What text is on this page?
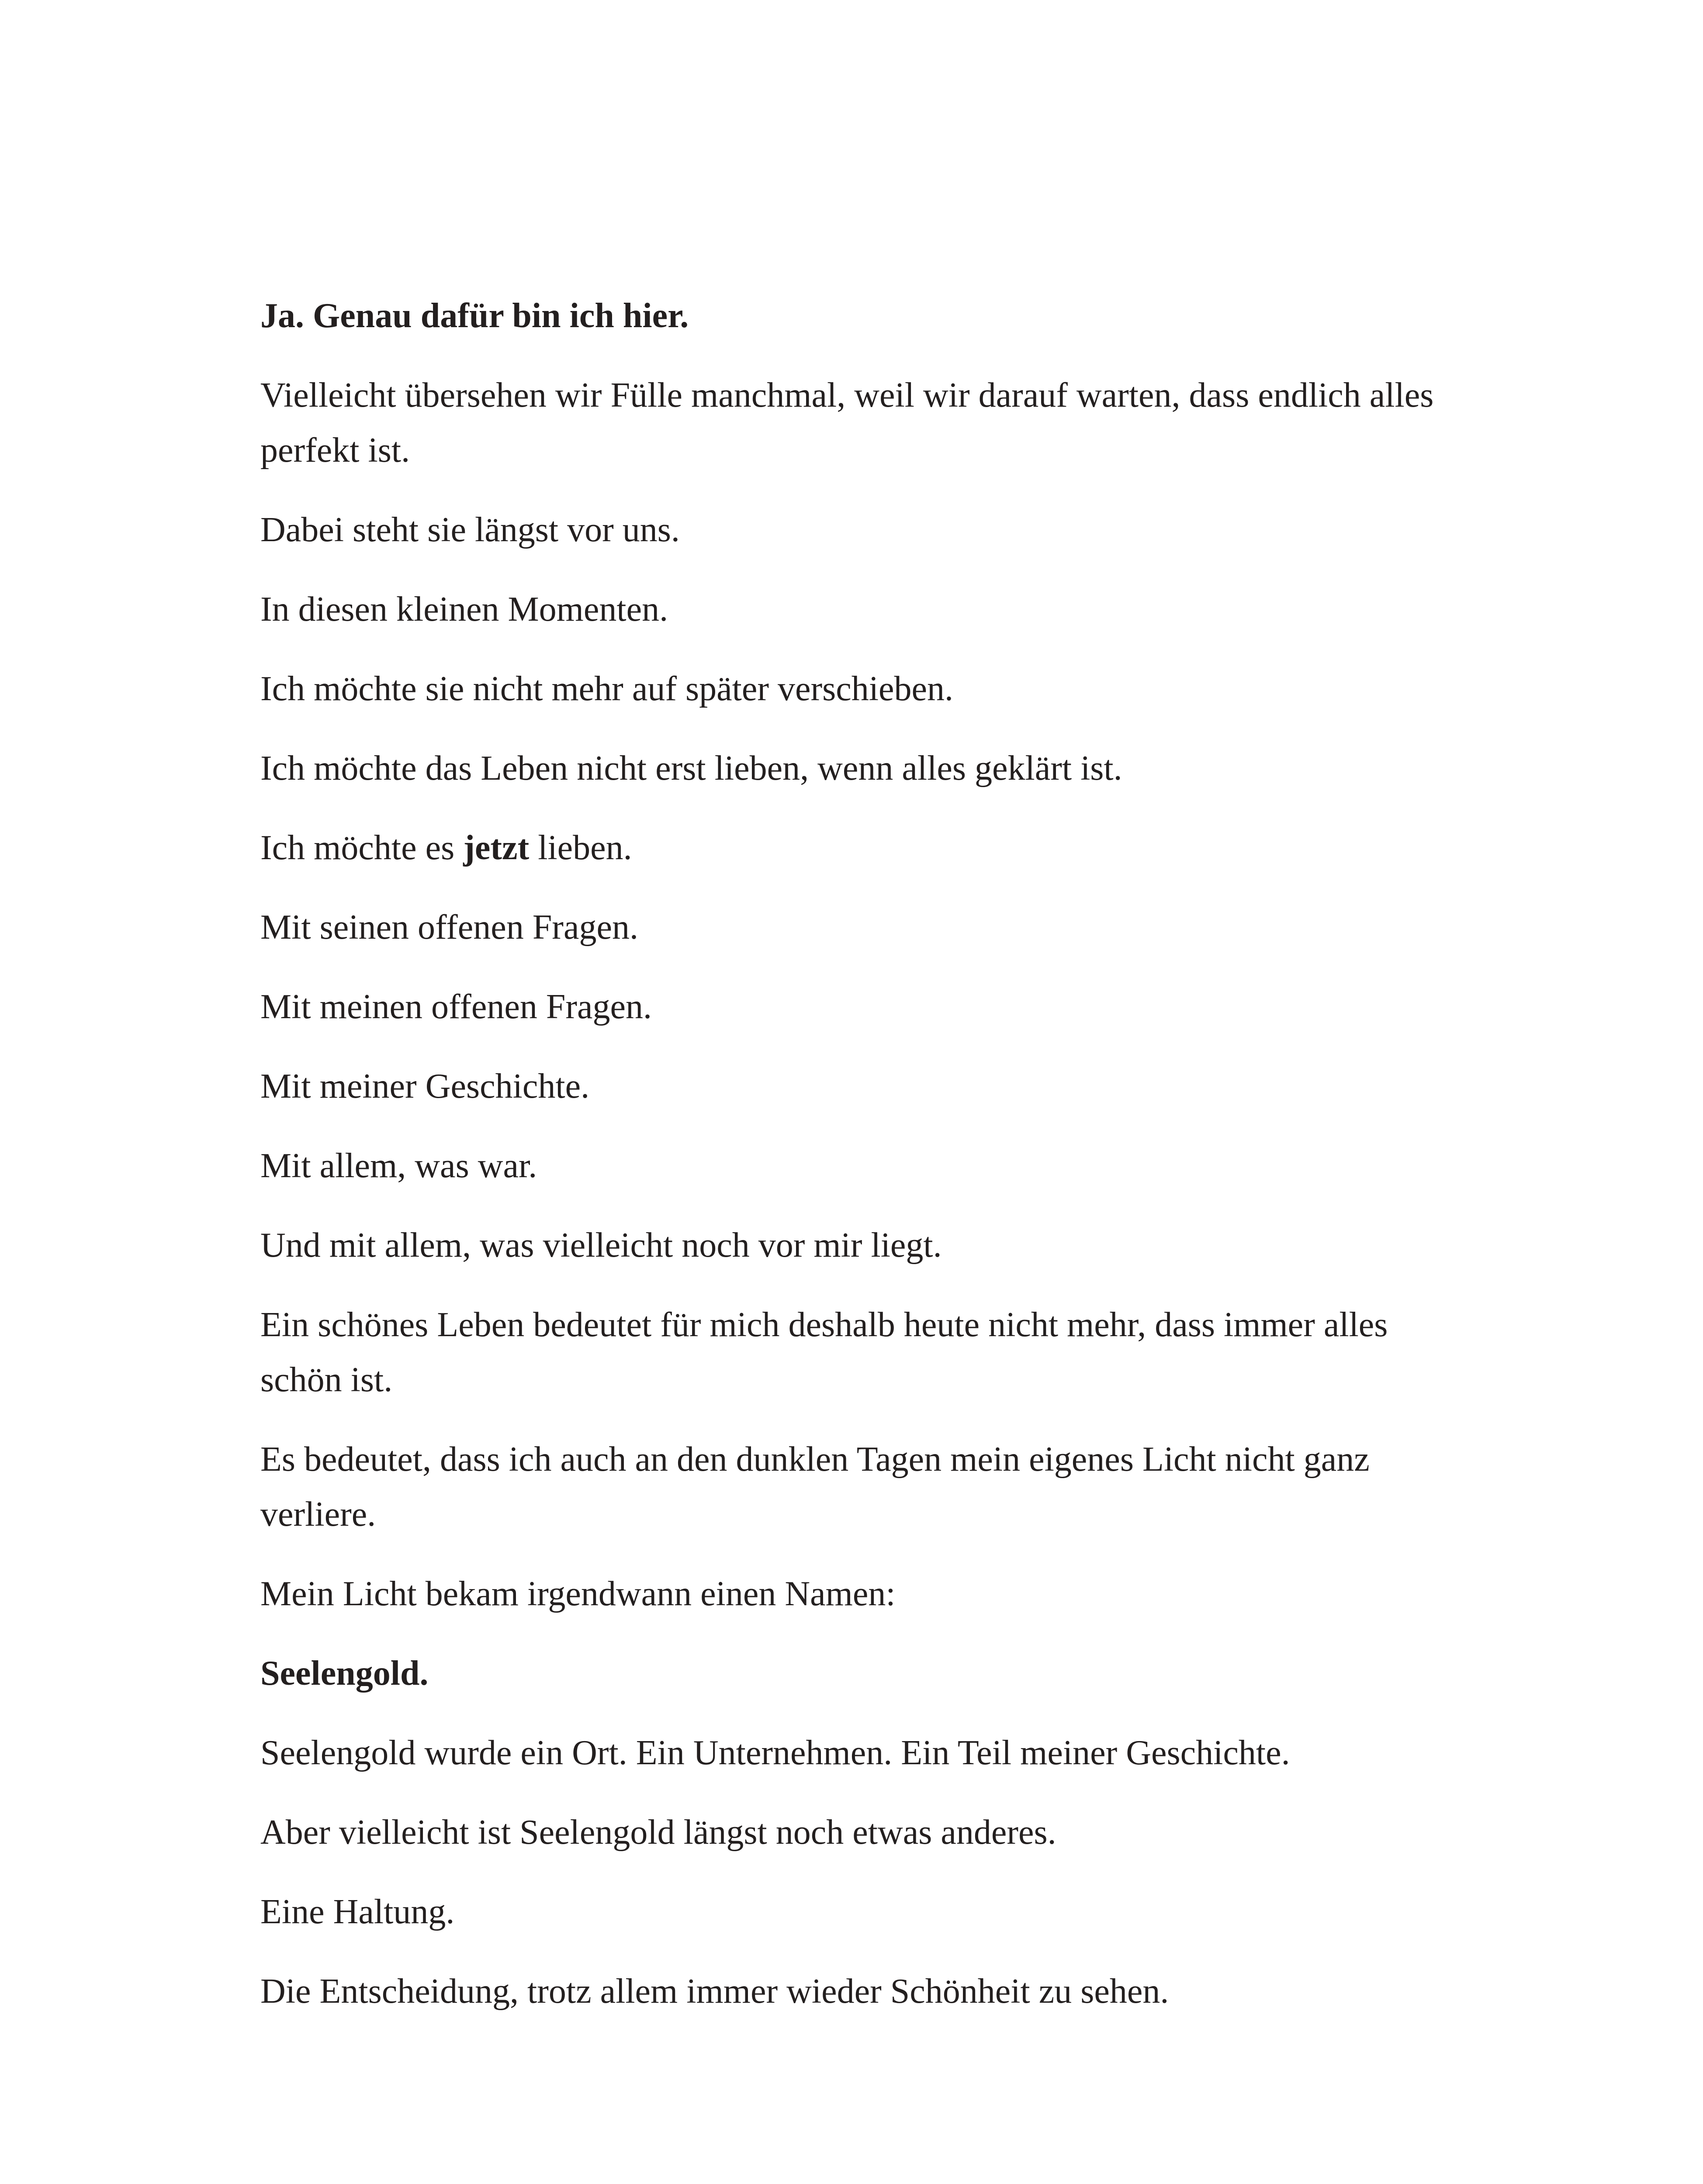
Ja. Genau dafür bin ich hier.

Vielleicht übersehen wir Fülle manchmal, weil wir darauf warten, dass endlich alles perfekt ist.

Dabei steht sie längst vor uns.

In diesen kleinen Momenten.

Ich möchte sie nicht mehr auf später verschieben.

Ich möchte das Leben nicht erst lieben, wenn alles geklärt ist.

Ich möchte es jetzt lieben.

Mit seinen offenen Fragen.

Mit meinen offenen Fragen.

Mit meiner Geschichte.

Mit allem, was war.

Und mit allem, was vielleicht noch vor mir liegt.

Ein schönes Leben bedeutet für mich deshalb heute nicht mehr, dass immer alles schön ist.

Es bedeutet, dass ich auch an den dunklen Tagen mein eigenes Licht nicht ganz verliere.

Mein Licht bekam irgendwann einen Namen:

Seelengold.

Seelengold wurde ein Ort. Ein Unternehmen. Ein Teil meiner Geschichte.

Aber vielleicht ist Seelengold längst noch etwas anderes.

Eine Haltung.

Die Entscheidung, trotz allem immer wieder Schönheit zu sehen.
